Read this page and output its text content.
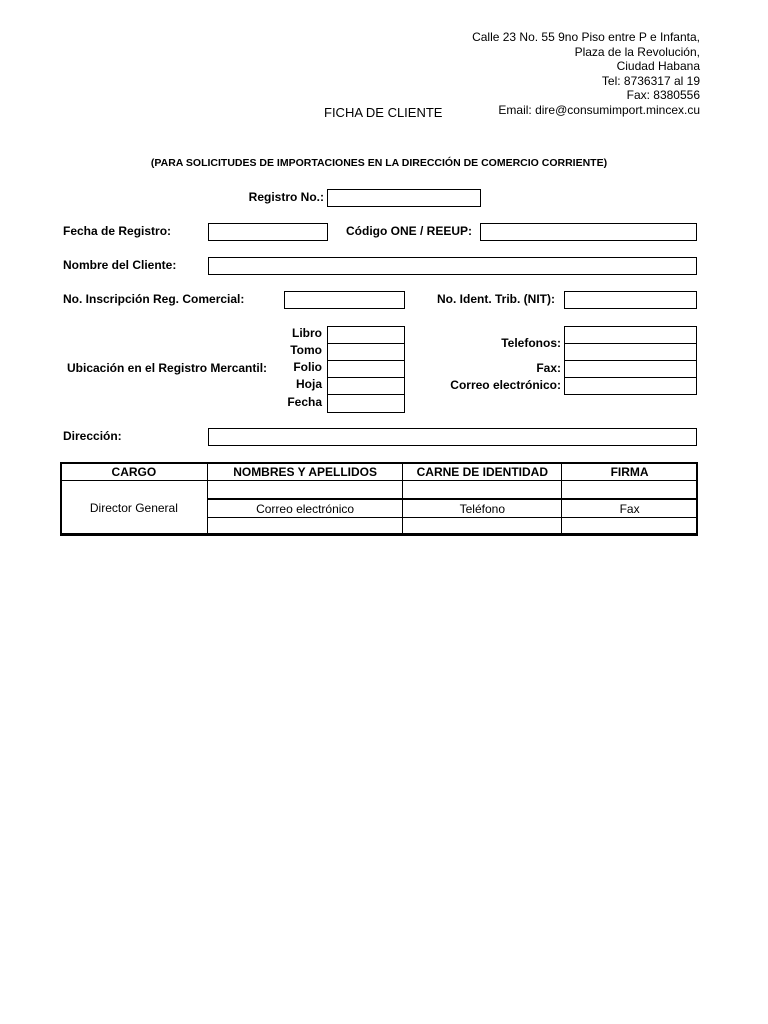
Calle 23 No. 55 9no Piso entre P e Infanta,
Plaza de la Revolución,
Ciudad Habana
Tel: 8736317 al 19
Fax: 8380556
Email: dire@consumimport.mincex.cu
FICHA DE CLIENTE
(PARA SOLICITUDES DE IMPORTACIONES EN LA DIRECCIÓN DE COMERCIO CORRIENTE)
Registro No.:
Fecha de Registro:	Código ONE / REEUP:
Nombre del Cliente:
No. Inscripción Reg. Comercial:	No. Ident. Trib. (NIT):
Ubicación en el Registro Mercantil:
Libro
Tomo
Folio
Hoja
Fecha
Telefonos:
Fax:
Correo electrónico:
Dirección:
CARGO	NOMBRES Y APELLIDOS	CARNE DE IDENTIDAD	FIRMA
Director General			
	Correo electrónico	Teléfono	Fax
